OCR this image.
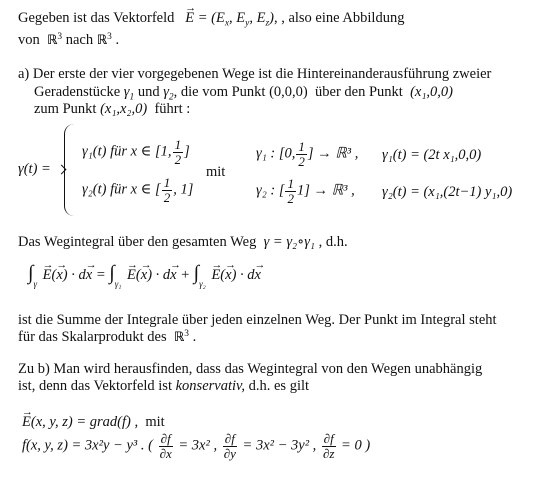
Gegeben ist das Vektorfeld   → $E = (E_x$, $E_y$, $E_z$), , also eine Abbildung
von ℝ$^3$ nach ℝ$^3$ .
a) Der erste der vier vorgegebenen Wege ist die Hintereinanderausführung zweier
Geradenstücke $\gamma_1$ und $\gamma_2$, die vom Punkt (0,0,0) über den Punkt (x₁,0,0)
zum Punkt (x₁,x₂,0) führt :
γ(t) =
γ₁(t) für x ∈ [1, $\frac{1}{2}$ ]
γ₂(t) für x ∈ [ $\frac{1}{2}$ , 1]
mit
γ₁ : [0, $\frac{1}{2}$ ] → ℝ³ , γ₁(t) = (2t x₁,0,0)
γ₂ : [ $\frac{1}{2} 1$] → ℝ³ , γ₂(t) = (x₁,(2t−1) y₁,0)
Das Wegintegral über den gesamten Weg γ = γ₂∘γ₁ , d.h.
$\int_\gamma \to E(\to x) \cdot d\to x = \int_{\gamma_1} \to E(\to x) \cdot d\to x + \int_{\gamma_2} \to E(\to x) \cdot d\to x$
ist die Summe der Integrale über jeden einzelnen Weg. Der Punkt im Integral steht
für das Skalarprodukt des ℝ$^3$ .
Zu b) Man wird herausfinden, dass das Wegintegral von den Wegen unabhängig
ist, denn das Vektorfeld ist konservativ, d.h. es gilt
→ E(x, y, z) = grad(f) , mit
f(x, y, z) = 3x²y − y³ . ( $\frac{\partial f}{\partial x} = 3x^2$ , $\frac{\partial f}{\partial y} = 3x^2 - 3y^2$ , $\frac{\partial f}{\partial z} = 0$ )
